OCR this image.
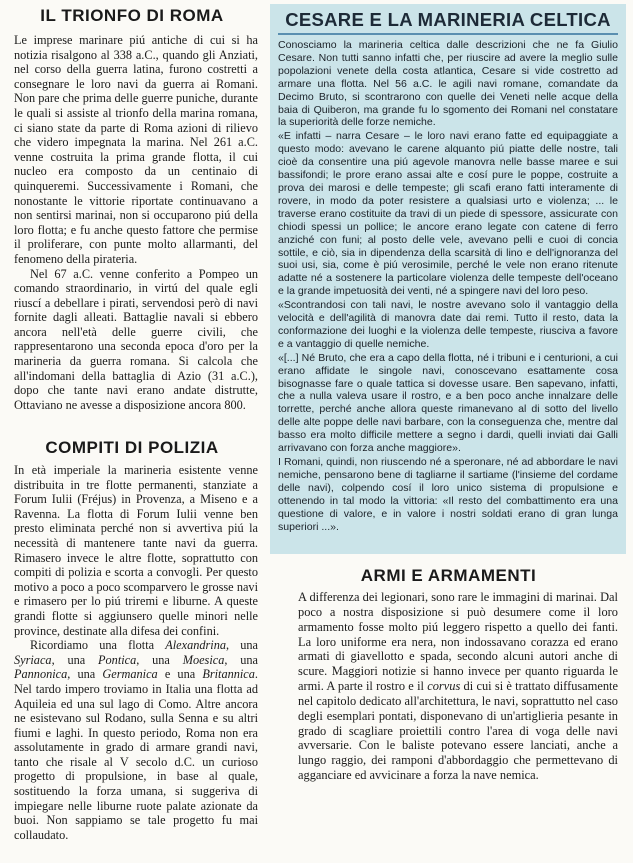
IL TRIONFO DI ROMA

Le imprese marinare piú antiche di cui si ha notizia risalgono al 338 a.C., quando gli Anziati, nel corso della guerra latina, furono costretti a consegnare le loro navi da guerra ai Romani. Non pare che prima delle guerre puniche, durante le quali si assiste al trionfo della marina romana, ci siano state da parte di Roma azioni di rilievo che videro impegnata la marina. Nel 261 a.C. venne costruita la prima grande flotta, il cui nucleo era composto da un centinaio di quinqueremi. Successivamente i Romani, che nonostante le vittorie riportate continuavano a non sentirsi marinai, non si occuparono piú della loro flotta; e fu anche questo fattore che permise il proliferare, con punte molto allarmanti, del fenomeno della pirateria.

Nel 67 a.C. venne conferito a Pompeo un comando straordinario, in virtú del quale egli riuscí a debellare i pirati, servendosi però di navi fornite dagli alleati. Battaglie navali si ebbero ancora nell'età delle guerre civili, che rappresentarono una seconda epoca d'oro per la marineria da guerra romana. Si calcola che all'indomani della battaglia di Azio (31 a.C.), dopo che tante navi erano andate distrutte, Ottaviano ne avesse a disposizione ancora 800.

COMPITI DI POLIZIA

In età imperiale la marineria esistente venne distribuita in tre flotte permanenti, stanziate a Forum Iulii (Fréjus) in Provenza, a Miseno e a Ravenna. La flotta di Forum Iulii venne ben presto eliminata perché non si avvertiva piú la necessità di mantenere tante navi da guerra. Rimasero invece le altre flotte, soprattutto con compiti di polizia e scorta a convogli. Per questo motivo a poco a poco scomparvero le grosse navi e rimasero per lo piú triremi e liburne. A queste grandi flotte si aggiunsero quelle minori nelle province, destinate alla difesa dei confini.

Ricordiamo una flotta Alexandrina, una Syriaca, una Pontica, una Moesica, una Pannonica, una Germanica e una Britannica. Nel tardo impero troviamo in Italia una flotta ad Aquileia ed una sul lago di Como. Altre ancora ne esistevano sul Rodano, sulla Senna e su altri fiumi e laghi. In questo periodo, Roma non era assolutamente in grado di armare grandi navi, tanto che risale al V secolo d.C. un curioso progetto di propulsione, in base al quale, sostituendo la forza umana, si suggeriva di impiegare nelle liburne ruote palate azionate da buoi. Non sappiamo se tale progetto fu mai collaudato.

CESARE E LA MARINERIA CELTICA

Conosciamo la marineria celtica dalle descrizioni che ne fa Giulio Cesare. Non tutti sanno infatti che, per riuscire ad avere la meglio sulle popolazioni venete della costa atlantica, Cesare si vide costretto ad armare una flotta. Nel 56 a.C. le agili navi romane, comandate da Decimo Bruto, si scontrarono con quelle dei Veneti nelle acque della baia di Quiberon, ma grande fu lo sgomento dei Romani nel constatare la superiorità delle forze nemiche.

«E infatti – narra Cesare – le loro navi erano fatte ed equipaggiate a questo modo: avevano le carene alquanto piú piatte delle nostre, tali cioè da consentire una piú agevole manovra nelle basse maree e sui bassifondi; le prore erano assai alte e cosí pure le poppe, costruite a prova dei marosi e delle tempeste; gli scafi erano fatti interamente di rovere, in modo da poter resistere a qualsiasi urto e violenza; ... le traverse erano costituite da travi di un piede di spessore, assicurate con chiodi spessi un pollice; le ancore erano legate con catene di ferro anziché con funi; al posto delle vele, avevano pelli e cuoi di concia sottile, e ciò, sia in dipendenza della scarsità di lino e dell'ignoranza del suoi usi, sia, come è piú verosimile, perché le vele non erano ritenute adatte né a sostenere la particolare violenza delle tempeste dell'oceano e la grande impetuosità dei venti, né a spingere navi del loro peso.

«Scontrandosi con tali navi, le nostre avevano solo il vantaggio della velocità e dell'agilità di manovra date dai remi. Tutto il resto, data la conformazione dei luoghi e la violenza delle tempeste, riusciva a favore e a vantaggio di quelle nemiche.

«[...] Né Bruto, che era a capo della flotta, né i tribuni e i centurioni, a cui erano affidate le singole navi, conoscevano esattamente cosa bisognasse fare o quale tattica si dovesse usare. Ben sapevano, infatti, che a nulla valeva usare il rostro, e a ben poco anche innalzare delle torrette, perché anche allora queste rimanevano al di sotto del livello delle alte poppe delle navi barbare, con la conseguenza che, mentre dal basso era molto difficile mettere a segno i dardi, quelli inviati dai Galli arrivavano con forza anche maggiore».

I Romani, quindi, non riuscendo né a speronare, né ad abbordare le navi nemiche, pensarono bene di tagliarne il sartiame (l'insieme del cordame delle navi), colpendo cosí il loro unico sistema di propulsione e ottenendo in tal modo la vittoria: «Il resto del combattimento era una questione di valore, e in valore i nostri soldati erano di gran lunga superiori ...».

ARMI E ARMAMENTI

A differenza dei legionari, sono rare le immagini di marinai. Dal poco a nostra disposizione si può desumere come il loro armamento fosse molto piú leggero rispetto a quello dei fanti. La loro uniforme era nera, non indossavano corazza ed erano armati di giavellotto e spada, secondo alcuni autori anche di scure. Maggiori notizie si hanno invece per quanto riguarda le armi. A parte il rostro e il corvus di cui si è trattato diffusamente nel capitolo dedicato all'architettura, le navi, soprattutto nel caso degli esemplari pontati, disponevano di un'artiglieria pesante in grado di scagliare proiettili contro l'area di voga delle navi avversarie. Con le baliste potevano essere lanciati, anche a lungo raggio, dei ramponi d'abbordaggio che permettevano di agganciare ed avvicinare a forza la nave nemica.
